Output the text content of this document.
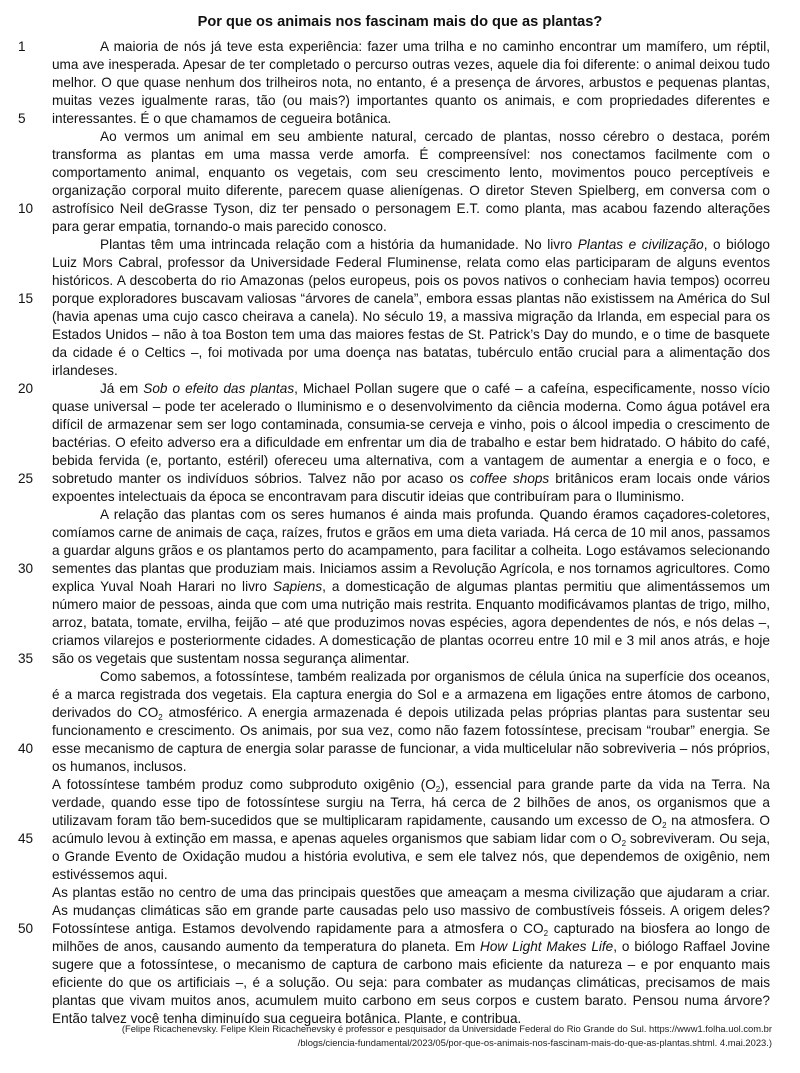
Por que os animais nos fascinam mais do que as plantas?
1
5
10
15
20
25
30
35
40
45
50

A maioria de nós já teve esta experiência: fazer uma trilha e no caminho encontrar um mamífero, um réptil, uma ave inesperada. Apesar de ter completado o percurso outras vezes, aquele dia foi diferente: o animal deixou tudo melhor. O que quase nenhum dos trilheiros nota, no entanto, é a presença de árvores, arbustos e pequenas plantas, muitas vezes igualmente raras, tão (ou mais?) importantes quanto os animais, e com propriedades diferentes e interessantes. É o que chamamos de cegueira botânica.

Ao vermos um animal em seu ambiente natural, cercado de plantas, nosso cérebro o destaca, porém transforma as plantas em uma massa verde amorfa. É compreensível: nos conectamos facilmente com o comportamento animal, enquanto os vegetais, com seu crescimento lento, movimentos pouco perceptíveis e organização corporal muito diferente, parecem quase alienígenas. O diretor Steven Spielberg, em conversa com o astrofísico Neil deGrasse Tyson, diz ter pensado o personagem E.T. como planta, mas acabou fazendo alterações para gerar empatia, tornando-o mais parecido conosco.

Plantas têm uma intrincada relação com a história da humanidade. No livro Plantas e civilização, o biólogo Luiz Mors Cabral, professor da Universidade Federal Fluminense, relata como elas participaram de alguns eventos históricos. A descoberta do rio Amazonas (pelos europeus, pois os povos nativos o conheciam havia tempos) ocorreu porque exploradores buscavam valiosas “árvores de canela”, embora essas plantas não existissem na América do Sul (havia apenas uma cujo casco cheirava a canela). No século 19, a massiva migração da Irlanda, em especial para os Estados Unidos – não à toa Boston tem uma das maiores festas de St. Patrick’s Day do mundo, e o time de basquete da cidade é o Celtics –, foi motivada por uma doença nas batatas, tubérculo então crucial para a alimentação dos irlandeses.

Já em Sob o efeito das plantas, Michael Pollan sugere que o café – a cafeína, especificamente, nosso vício quase universal – pode ter acelerado o Iluminismo e o desenvolvimento da ciência moderna. Como água potável era difícil de armazenar sem ser logo contaminada, consumia-se cerveja e vinho, pois o álcool impedia o crescimento de bactérias. O efeito adverso era a dificuldade em enfrentar um dia de trabalho e estar bem hidratado. O hábito do café, bebida fervida (e, portanto, estéril) ofereceu uma alternativa, com a vantagem de aumentar a energia e o foco, e sobretudo manter os indivíduos sóbrios. Talvez não por acaso os coffee shops britânicos eram locais onde vários expoentes intelectuais da época se encontravam para discutir ideias que contribuíram para o Iluminismo.

A relação das plantas com os seres humanos é ainda mais profunda. Quando éramos caçadores-coletores, comíamos carne de animais de caça, raízes, frutos e grãos em uma dieta variada. Há cerca de 10 mil anos, passamos a guardar alguns grãos e os plantamos perto do acampamento, para facilitar a colheita. Logo estávamos selecionando sementes das plantas que produziam mais. Iniciamos assim a Revolução Agrícola, e nos tornamos agricultores. Como explica Yuval Noah Harari no livro Sapiens, a domesticação de algumas plantas permitiu que alimentássemos um número maior de pessoas, ainda que com uma nutrição mais restrita. Enquanto modificávamos plantas de trigo, milho, arroz, batata, tomate, ervilha, feijão – até que produzimos novas espécies, agora dependentes de nós, e nós delas –, criamos vilarejos e posteriormente cidades. A domesticação de plantas ocorreu entre 10 mil e 3 mil anos atrás, e hoje são os vegetais que sustentam nossa segurança alimentar.

Como sabemos, a fotossíntese, também realizada por organismos de célula única na superfície dos oceanos, é a marca registrada dos vegetais. Ela captura energia do Sol e a armazena em ligações entre átomos de carbono, derivados do $CO_2$ atmosférico. A energia armazenada é depois utilizada pelas próprias plantas para sustentar seu funcionamento e crescimento. Os animais, por sua vez, como não fazem fotossíntese, precisam “roubar” energia. Se esse mecanismo de captura de energia solar parasse de funcionar, a vida multicelular não sobreviveria – nós próprios, os humanos, inclusos.

A fotossíntese também produz como subproduto oxigênio $(O_2)$, essencial para grande parte da vida na Terra. Na verdade, quando esse tipo de fotossíntese surgiu na Terra, há cerca de 2 bilhões de anos, os organismos que a utilizavam foram tão bem-sucedidos que se multiplicaram rapidamente, causando um excesso de $O_2$ na atmosfera. O acúmulo levou à extinção em massa, e apenas aqueles organismos que sabiam lidar com o $O_2$ sobreviveram. Ou seja, o Grande Evento de Oxidação mudou a história evolutiva, e sem ele talvez nós, que dependemos de oxigênio, nem estivéssemos aqui.

As plantas estão no centro de uma das principais questões que ameaçam a mesma civilização que ajudaram a criar. As mudanças climáticas são em grande parte causadas pelo uso massivo de combustíveis fósseis. A origem deles? Fotossíntese antiga. Estamos devolvendo rapidamente para a atmosfera o $CO_2$ capturado na biosfera ao longo de milhões de anos, causando aumento da temperatura do planeta. Em How Light Makes Life, o biólogo Raffael Jovine sugere que a fotossíntese, o mecanismo de captura de carbono mais eficiente da natureza – e por enquanto mais eficiente do que os artificiais –, é a solução. Ou seja: para combater as mudanças climáticas, precisamos de mais plantas que vivam muitos anos, acumulem muito carbono em seus corpos e custem barato. Pensou numa árvore? Então talvez você tenha diminuído sua cegueira botânica. Plante, e contribua.

(Felipe Ricachenevsky. Felipe Klein Ricachenevsky é professor e pesquisador da Universidade Federal do Rio Grande do Sul. https://www1.folha.uol.com.br
/blogs/ciencia-fundamental/2023/05/por-que-os-animais-nos-fascinam-mais-do-que-as-plantas.shtml. 4.mai.2023.)
